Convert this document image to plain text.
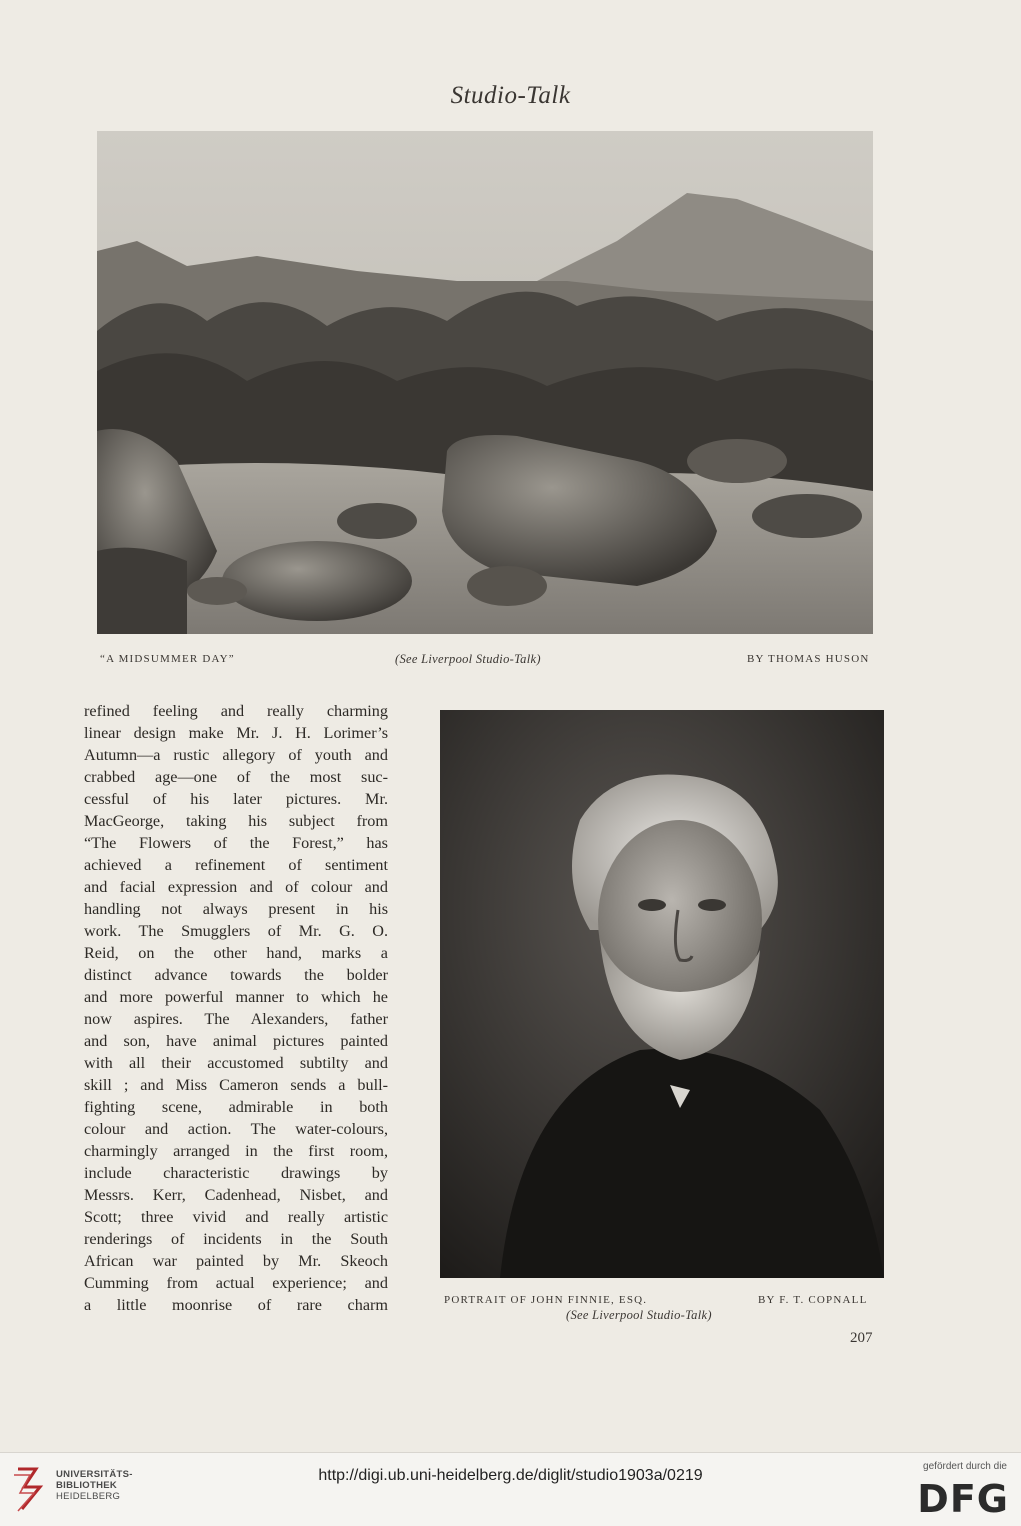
Studio-Talk
“A MIDSUMMER DAY”	(See Liverpool Studio-Talk)	BY THOMAS HUSON
refined feeling and really charming
linear design make Mr. J. H. Lorimer’s
Autumn—a rustic allegory of youth and
crabbed age—one of the most suc-
cessful of his later pictures. Mr.
MacGeorge, taking his subject from
“The Flowers of the Forest,” has
achieved a refinement of sentiment
and facial expression and of colour and
handling not always present in his
work. The Smugglers of Mr. G. O.
Reid, on the other hand, marks a
distinct advance towards the bolder
and more powerful manner to which he
now aspires. The Alexanders, father
and son, have animal pictures painted
with all their accustomed subtilty and
skill ; and Miss Cameron sends a bull-
fighting scene, admirable in both
colour and action. The water-colours,
charmingly arranged in the first room,
include characteristic drawings by
Messrs. Kerr, Cadenhead, Nisbet, and
Scott; three vivid and really artistic
renderings of incidents in the South
African war painted by Mr. Skeoch
Cumming from actual experience; and
a little moonrise of rare charm	PORTRAIT OF JOHN FINNIE, ESQ.	BY F. T. COPNALL
(See Liverpool Studio-Talk)
207
UNIVERSITÄTS-
BIBLIOTHEK
HEIDELBERG
http://digi.ub.uni-heidelberg.de/diglit/studio1903a/0219
gefördert durch die
DFG
